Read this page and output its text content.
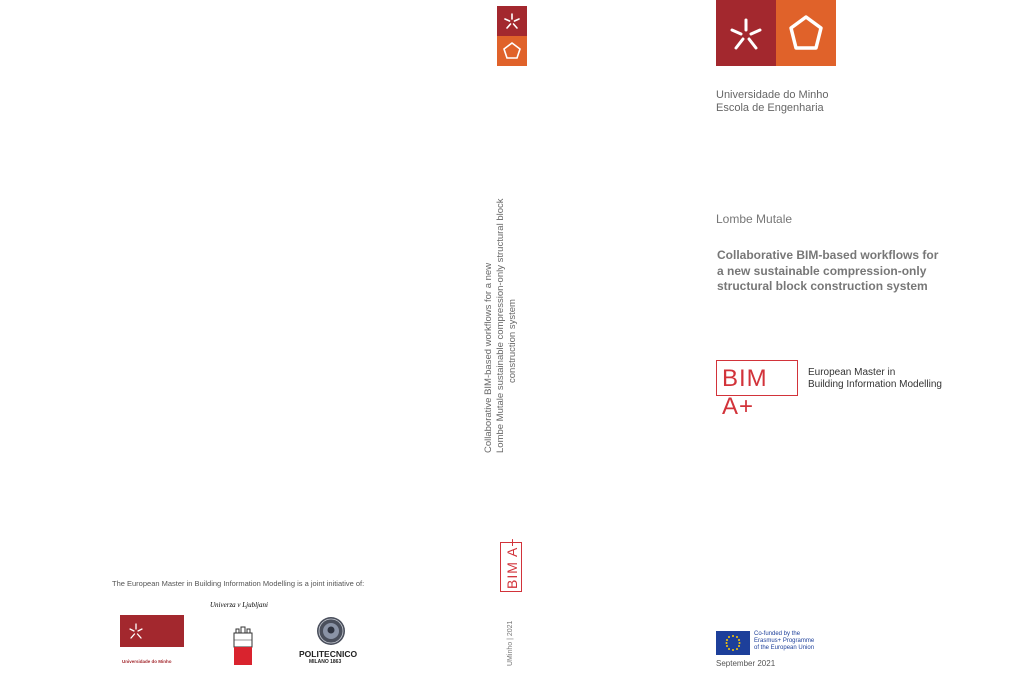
Collaborative BIM-based workflows for a new Lombe Mutale sustainable compression-only structural block construction system
BIM A+
UMinho | 2021
Universidade do Minho
Escola de Engenharia
Lombe Mutale
Collaborative BIM-based workflows for
a new sustainable compression-only
structural block construction system
BIM A+
European Master in
Building Information Modelling
Co-funded by the
Erasmus+ Programme
of the European Union
September 2021
The European Master in Building Information Modelling is a joint initiative of:
Univerza v Ljubljani
Universidade do Minho
POLITECNICO
MILANO 1863
